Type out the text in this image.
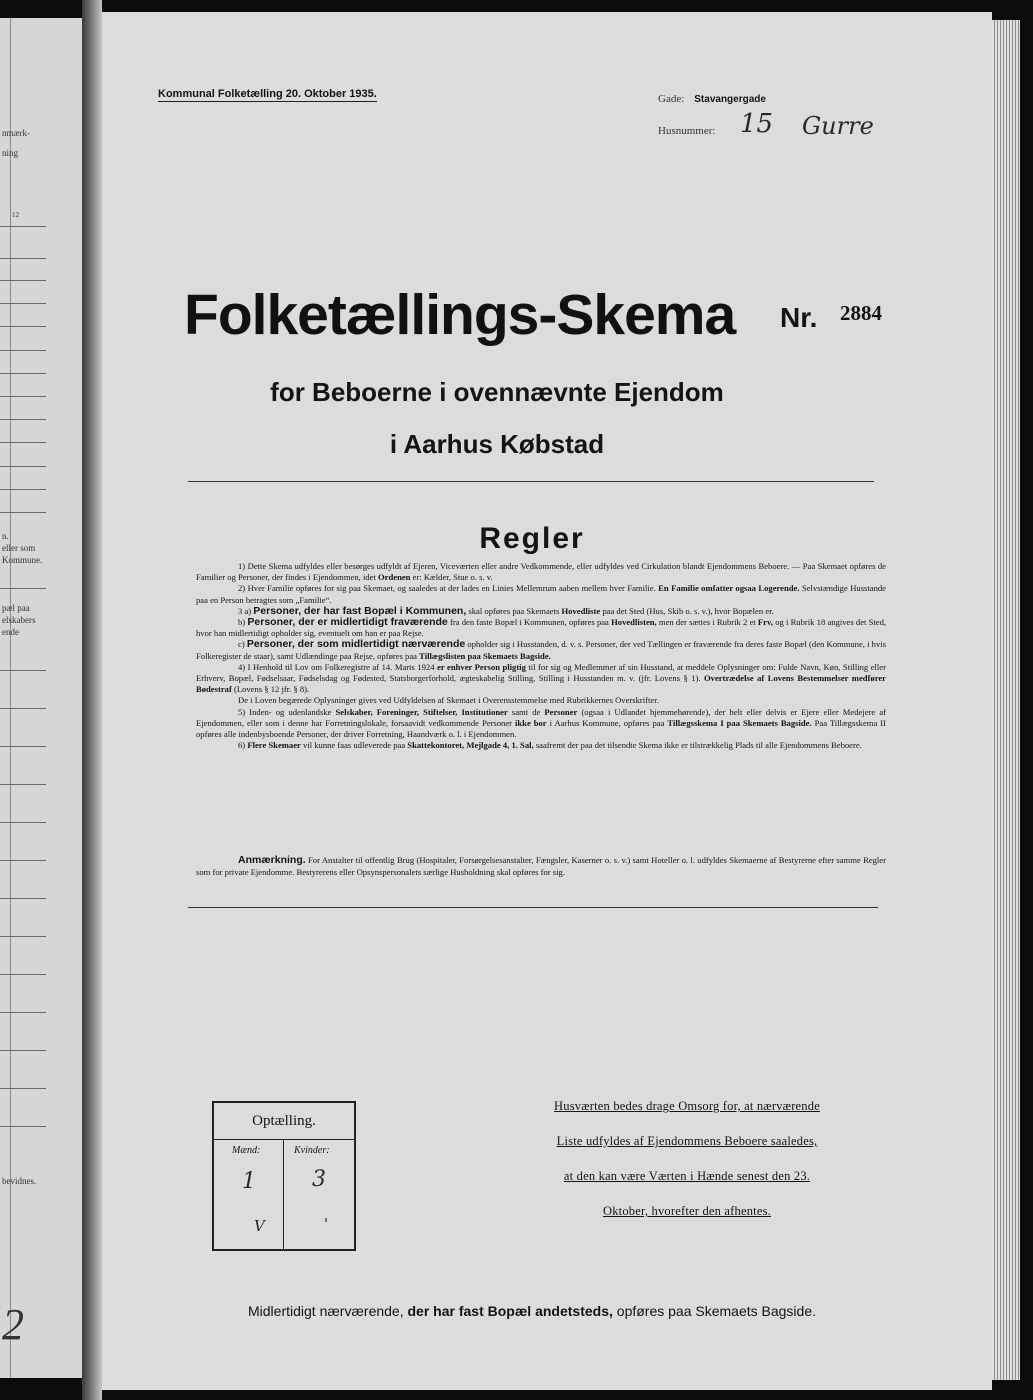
nmærk-
ning
12
n.
eller som
Kommune.
pæl paa
elskabers
ende
bevidnes.
2
Kommunal Folketælling 20. Oktober 1935.	Gade: Stavangergade
Husnummer: 15 Gurre
Folketællings-Skema Nr. 2884
for Beboerne i ovennævnte Ejendom
i Aarhus Købstad
Regler

1) Dette Skema udfyldes eller besørges udfyldt af Ejeren, Viceværten eller andre Vedkommende, eller udfyldes ved Cirkulation blandt Ejendommens Beboere. — Paa Skemaet opføres de Familier og Personer, der findes i Ejendommen, idet Ordenen er: Kælder, Stue o. s. v.

2) Hver Familie opføres for sig paa Skemaet, og saaledes at der lades en Linies Mellemrum aaben mellem hver Familie. En Familie omfatter ogsaa Logerende. Selvstændige Husstande paa en Person betragtes som „Familie“.

3 a) Personer, der har fast Bopæl i Kommunen, skal opføres paa Skemaets Hovedliste paa det Sted (Hus, Skib o. s. v.), hvor Bopælen er.

b) Personer, der er midlertidigt fraværende fra den faste Bopæl i Kommunen, opføres paa Hovedlisten, men der sættes i Rubrik 2 et Frv, og i Rubrik 18 angives det Sted, hvor han midlertidigt opholder sig, eventuelt om han er paa Rejse.

c) Personer, der som midlertidigt nærværende opholder sig i Husstanden, d. v. s. Personer, der ved Tællingen er fraværende fra deres faste Bopæl (den Kommune, i hvis Folkeregister de staar), samt Udlændinge paa Rejse, opføres paa Tillægslisten paa Skemaets Bagside.

4) I Henhold til Lov om Folkeregistre af 14. Marts 1924 er enhver Person pligtig til for sig og Medlemmer af sin Husstand, at meddele Oplysninger om: Fulde Navn, Køn, Stilling eller Erhverv, Bopæl, Fødselsaar, Fødselsdag og Fødested, Statsborgerforhold, ægteskabelig Stilling, Stilling i Husstanden m. v. (jfr. Lovens § 1). Overtrædelse af Lovens Bestemmelser medfører Bødestraf (Lovens § 12 jfr. § 8).

De i Loven begærede Oplysninger gives ved Udfyldelsen af Skemaet i Overensstemmelse med Rubrikkernes Overskrifter.

5) Inden- og udenlandske Selskaber, Foreninger, Stiftelser, Institutioner samt de Personer (ogsaa i Udlandet hjemmehørende), der helt eller delvis er Ejere eller Medejere af Ejendommen, eller som i denne har Forretningslokale, forsaavidt vedkommende Personer ikke bor i Aarhus Kommune, opføres paa Tillægsskema I paa Skemaets Bagside. Paa Tillægsskema II opføres alle indenbysboende Personer, der driver Forretning, Haandværk o. l. i Ejendommen.

6) Flere Skemaer vil kunne faas udleverede paa Skattekontoret, Mejlgade 4, 1. Sal, saafremt der paa det tilsendte Skema ikke er tilstrækkelig Plads til alle Ejendommens Beboere.

Anmærkning. For Anstalter til offentlig Brug (Hospitaler, Forsørgelsesanstalter, Fængsler, Kaserner o. s. v.) samt Hoteller o. l. udfyldes Skemaerne af Bestyrerne efter samme Regler som for private Ejendomme. Bestyrerens eller Opsynspersonalets særlige Husholdning skal opføres for sig.
Optælling.
Mænd:	Kvinder:
1	3
V	'
Husværten bedes drage Omsorg for, at nærværende
Liste udfyldes af Ejendommens Beboere saaledes,
at den kan være Værten i Hænde senest den 23.
Oktober, hvorefter den afhentes.
Midlertidigt nærværende, der har fast Bopæl andetsteds, opføres paa Skemaets Bagside.
